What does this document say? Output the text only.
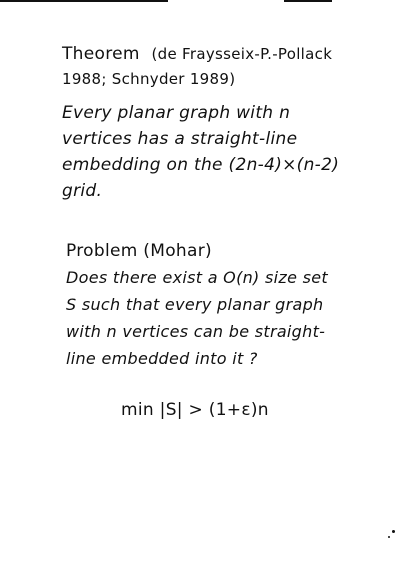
Theorem (de Fraysseix-P.-Pollack
1988; Schnyder 1989)
Every planar graph with n
vertices has a straight-line
embedding on the (2n-4)×(n-2)
grid.
Problem (Mohar)
Does there exist a O(n) size set
S such that every planar graph
with n vertices can be straight-
line embedded into it ?
min |S| > (1+ε)n
